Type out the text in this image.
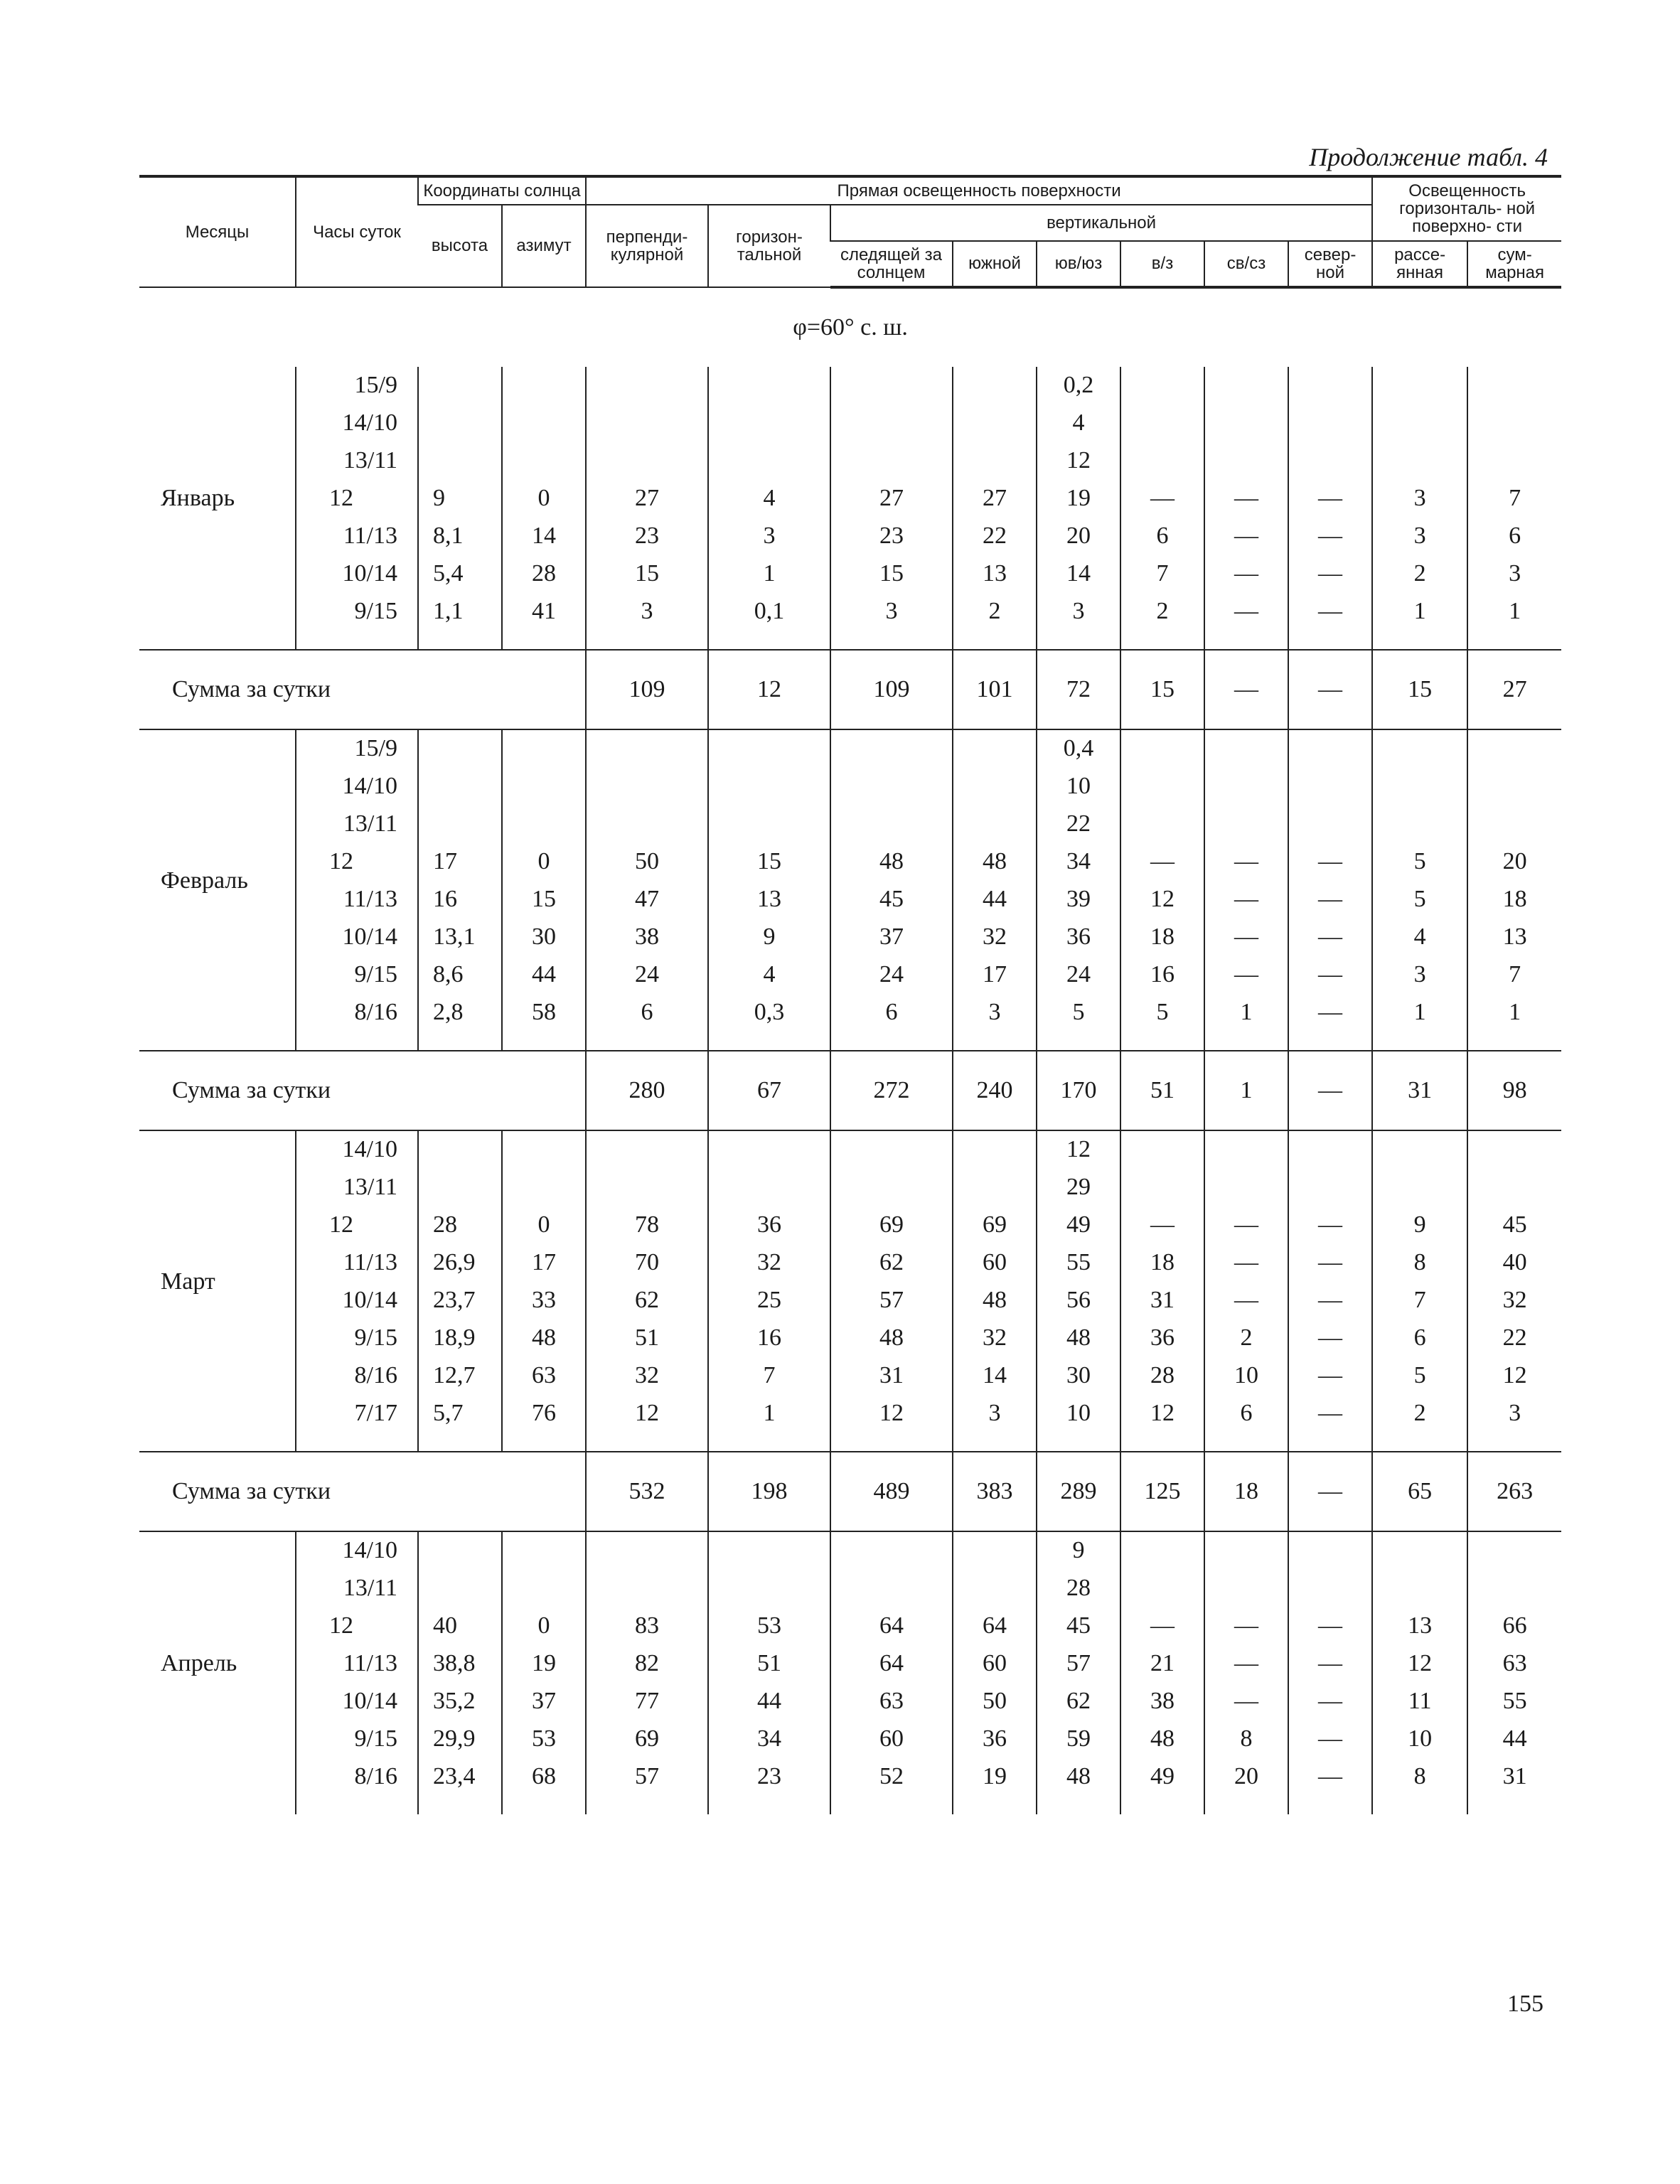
Продолжение табл. 4
Месяцы	Часы суток	Координаты солнца		Прямая освещенность поверхности								Освещенность горизонталь- ной поверхно- сти	
		высота	азимут	перпенди- кулярной	горизон- тальной	вертикальной							
						следящей за солнцем	южной	юв/юз	в/з	св/сз	север- ной	рассе- янная	сум- марная
φ=60° с. ш.													
Январь	15/9							0,2					
	14/10							4					
	13/11							12					
	12	9	0	27	4	27	27	19	—	—	—	3	7
	11/13	8,1	14	23	3	23	22	20	6	—	—	3	6
	10/14	5,4	28	15	1	15	13	14	7	—	—	2	3
	9/15	1,1	41	3	0,1	3	2	3	2	—	—	1	1

Сумма за сутки				109	12	109	101	72	15	—	—	15	27
Февраль	15/9							0,4					
	14/10							10					
	13/11							22					
	12	17	0	50	15	48	48	34	—	—	—	5	20
	11/13	16	15	47	13	45	44	39	12	—	—	5	18
	10/14	13,1	30	38	9	37	32	36	18	—	—	4	13
	9/15	8,6	44	24	4	24	17	24	16	—	—	3	7
	8/16	2,8	58	6	0,3	6	3	5	5	1	—	1	1

Сумма за сутки				280	67	272	240	170	51	1	—	31	98
Март	14/10							12					
	13/11							29					
	12	28	0	78	36	69	69	49	—	—	—	9	45
	11/13	26,9	17	70	32	62	60	55	18	—	—	8	40
	10/14	23,7	33	62	25	57	48	56	31	—	—	7	32
	9/15	18,9	48	51	16	48	32	48	36	2	—	6	22
	8/16	12,7	63	32	7	31	14	30	28	10	—	5	12
	7/17	5,7	76	12	1	12	3	10	12	6	—	2	3

Сумма за сутки				532	198	489	383	289	125	18	—	65	263
Апрель	14/10							9					
	13/11							28					
	12	40	0	83	53	64	64	45	—	—	—	13	66
	11/13	38,8	19	82	51	64	60	57	21	—	—	12	63
	10/14	35,2	37	77	44	63	50	62	38	—	—	11	55
	9/15	29,9	53	69	34	60	36	59	48	8	—	10	44
	8/16	23,4	68	57	23	52	19	48	49	20	—	8	31

155
